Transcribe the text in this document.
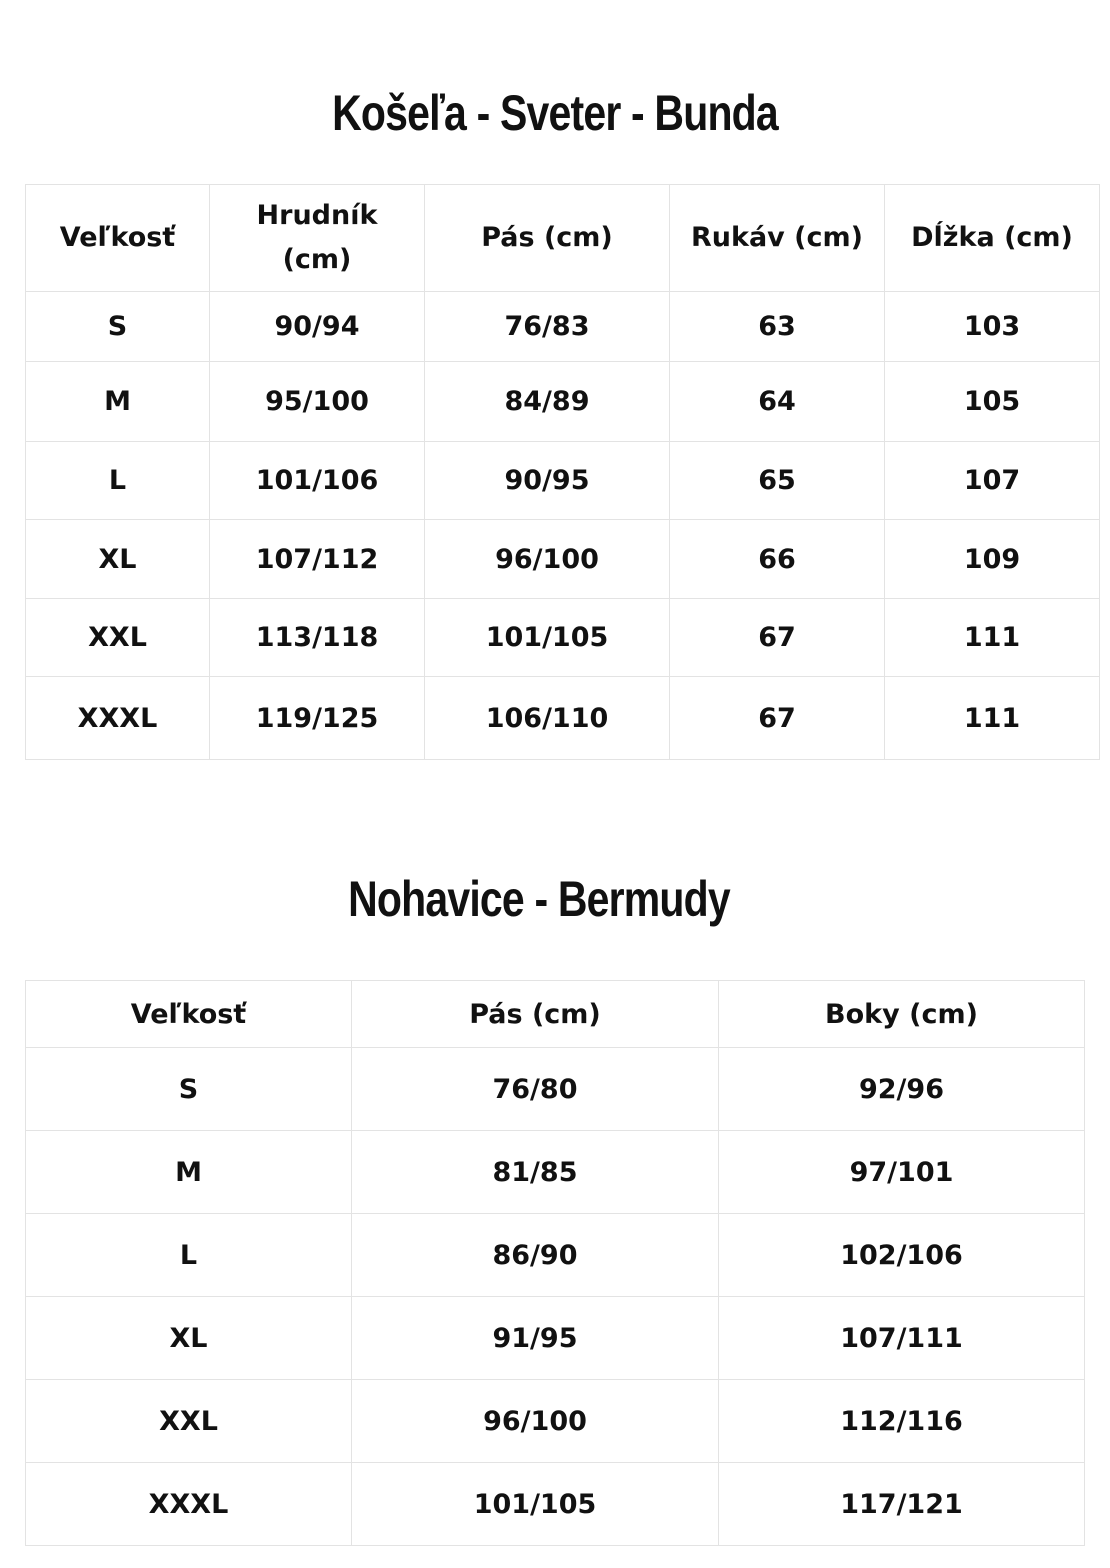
Košeľa - Sveter - Bunda
Veľkosť	Hrudník (cm)	Pás (cm)	Rukáv (cm)	Dĺžka (cm)
S	90/94	76/83	63	103
M	95/100	84/89	64	105
L	101/106	90/95	65	107
XL	107/112	96/100	66	109
XXL	113/118	101/105	67	111
XXXL	119/125	106/110	67	111
Nohavice - Bermudy
Veľkosť	Pás (cm)	Boky (cm)
S	76/80	92/96
M	81/85	97/101
L	86/90	102/106
XL	91/95	107/111
XXL	96/100	112/116
XXXL	101/105	117/121
